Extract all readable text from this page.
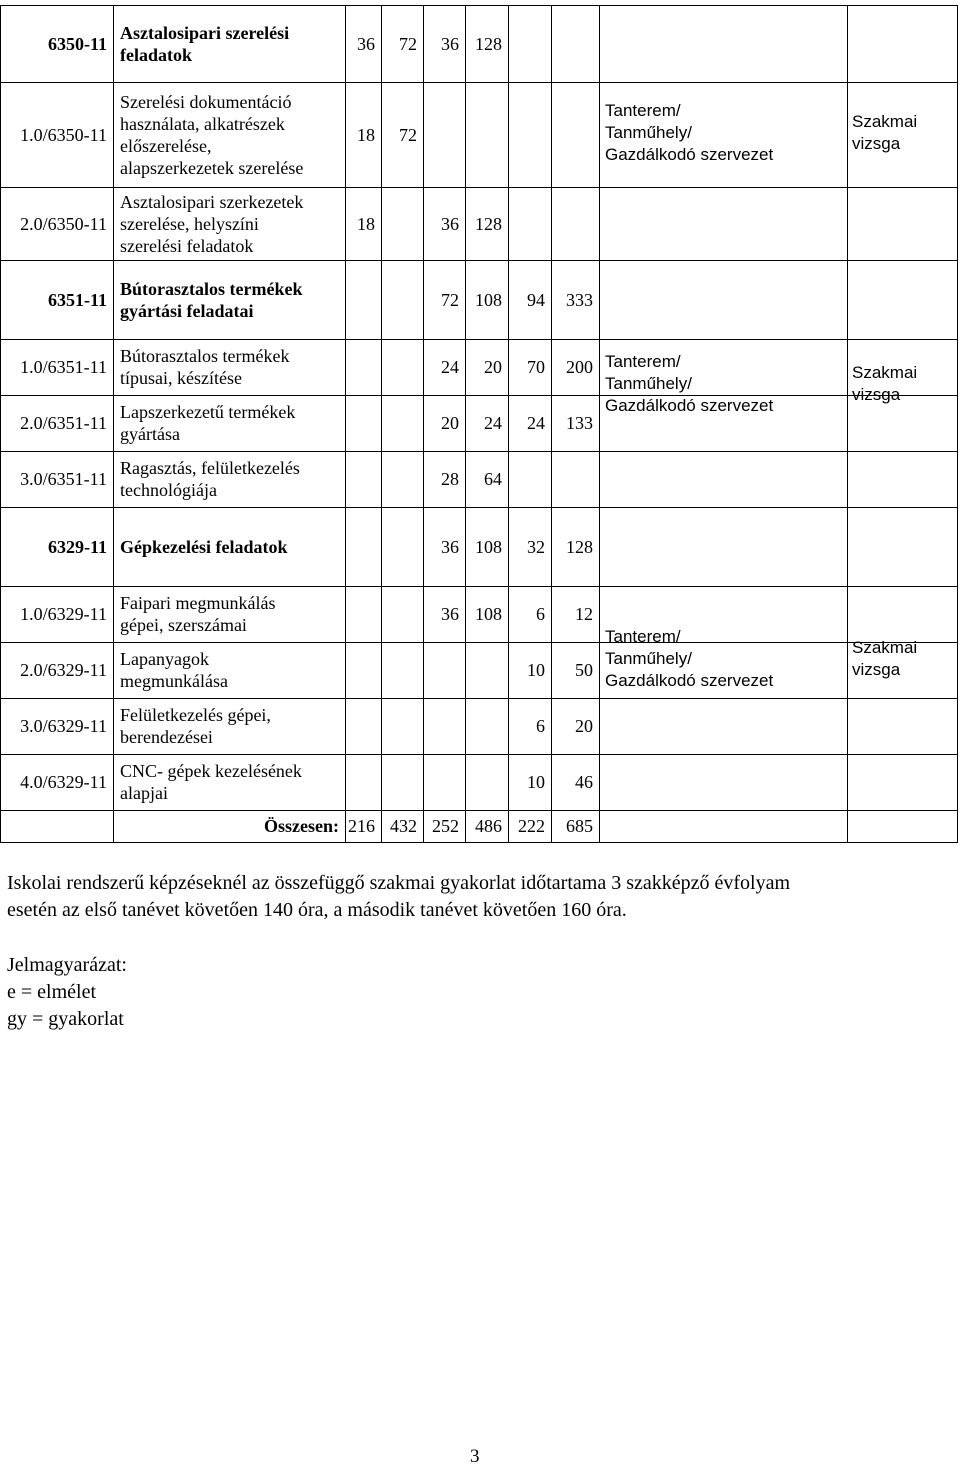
6350-11
Asztalosipari szerelési
feladatok
36 72 36 128
Tanterem/
Tanműhely/
Gazdálkodó szervezet
Szakmai
vizsga
1.0/6350-11
Szerelési dokumentáció
használata, alkatrészek
előszerelése,
alapszerkezetek szerelése
18 72
2.0/6350-11
Asztalosipari szerkezetek
szerelése, helyszíni
szerelési feladatok
18	36 128
6351-11
Bútorasztalos termékek
gyártási feladatai
72 108 94 333
Tanterem/
Tanműhely/
Gazdálkodó szervezet
Szakmai
vizsga
1.0/6351-11
Bútorasztalos termékek
típusai, készítése
24 20 70 200
2.0/6351-11
Lapszerkezetű termékek
gyártása
20 24 24 133
3.0/6351-11
Ragasztás, felületkezelés
technológiája
28 64
6329-11 Gépkezelési feladatok	36 108 32 128
Tanterem/
Tanműhely/
Gazdálkodó szervezet
Szakmai
vizsga
1.0/6329-11
Faipari megmunkálás
gépei, szerszámai
36 108 6 12
2.0/6329-11
Lapanyagok
megmunkálása
10 50
3.0/6329-11
Felületkezelés gépei,
berendezései
6 20
4.0/6329-11
CNC- gépek kezelésének
alapjai
10 46
Összesen: 216 432 252 486 222 685
Iskolai rendszerű képzéseknél az összefüggő szakmai gyakorlat időtartama 3 szakképző évfolyam
esetén az első tanévet követően 140 óra, a második tanévet követően 160 óra.
Jelmagyarázat:
e = elmélet
gy = gyakorlat
3
